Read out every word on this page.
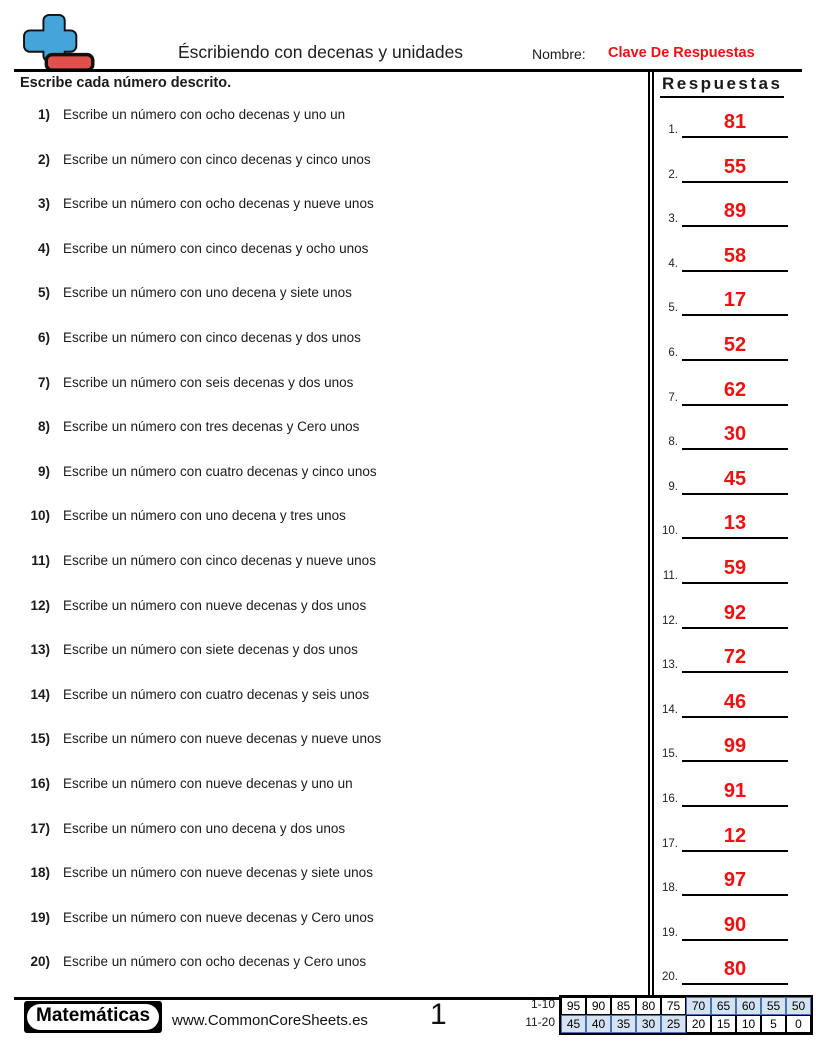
Éscribiendo con decenas y unidades	Nombre: Clave De Respuestas
Escribe cada número descrito.	Respuestas
1.	81
2.	55
3.	89
4.	58
5.	17
6.	52
7.	62
8.	30
9.	45
10.	13
11.	59
12.	92
13.	72
14.	46
15.	99
16.	91
17.	12
18.	97
19.	90
20.	80
1) Escribe un número con ocho decenas y uno un
2) Escribe un número con cinco decenas y cinco unos
3) Escribe un número con ocho decenas y nueve unos
4) Escribe un número con cinco decenas y ocho unos
5) Escribe un número con uno decena y siete unos
6) Escribe un número con cinco decenas y dos unos
7) Escribe un número con seis decenas y dos unos
8) Escribe un número con tres decenas y Cero unos
9) Escribe un número con cuatro decenas y cinco unos
10) Escribe un número con uno decena y tres unos
11) Escribe un número con cinco decenas y nueve unos
12) Escribe un número con nueve decenas y dos unos
13) Escribe un número con siete decenas y dos unos
14) Escribe un número con cuatro decenas y seis unos
15) Escribe un número con nueve decenas y nueve unos
16) Escribe un número con nueve decenas y uno un
17) Escribe un número con uno decena y dos unos
18) Escribe un número con nueve decenas y siete unos
19) Escribe un número con nueve decenas y Cero unos
20) Escribe un número con ocho decenas y Cero unos
Matemáticas	www.CommonCoreSheets.es 1	1-10
11-20
95 90 85 80 75 70 65 60 55 50
45 40 35 30 25 20 15 10	5	0
